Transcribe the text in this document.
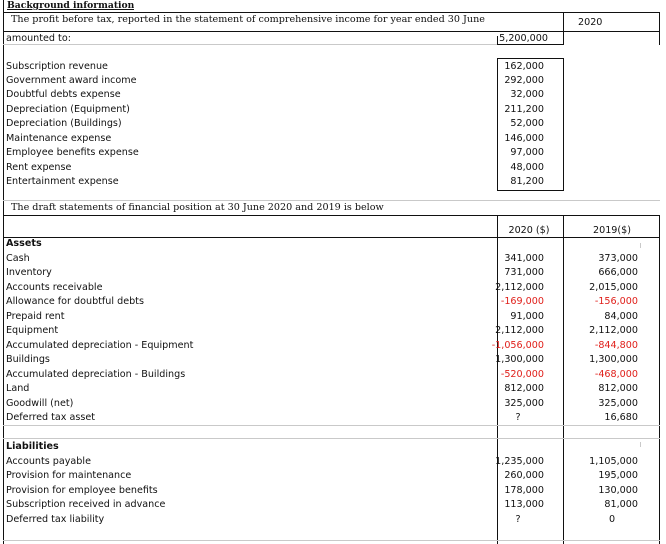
Background information
The profit before tax, reported in the statement of comprehensive income for year ended 30 June	2020
amounted to:	5,200,000
Subscription revenue	162,000
Government award income	292,000
Doubtful debts expense	32,000
Depreciation (Equipment)	211,200
Depreciation (Buildings)	52,000
Maintenance expense	146,000
Employee benefits expense	97,000
Rent expense	48,000
Entertainment expense	81,200
The draft statements of financial position at 30 June 2020 and 2019 is below
2020 ($)	2019($)
Assets
Cash	341,000	373,000
Inventory	731,000	666,000
Accounts receivable	2,112,000	2,015,000
Allowance for doubtful debts	-169,000	-156,000
Prepaid rent	91,000	84,000
Equipment	2,112,000	2,112,000
Accumulated depreciation - Equipment	-1,056,000	-844,800
Buildings	1,300,000	1,300,000
Accumulated depreciation - Buildings	-520,000	-468,000
Land	812,000	812,000
Goodwill (net)	325,000	325,000
Deferred tax asset	?	16,680
Liabilities
Accounts payable	1,235,000	1,105,000
Provision for maintenance	260,000	195,000
Provision for employee benefits	178,000	130,000
Subscription received in advance	113,000	81,000
Deferred tax liability	?	0
